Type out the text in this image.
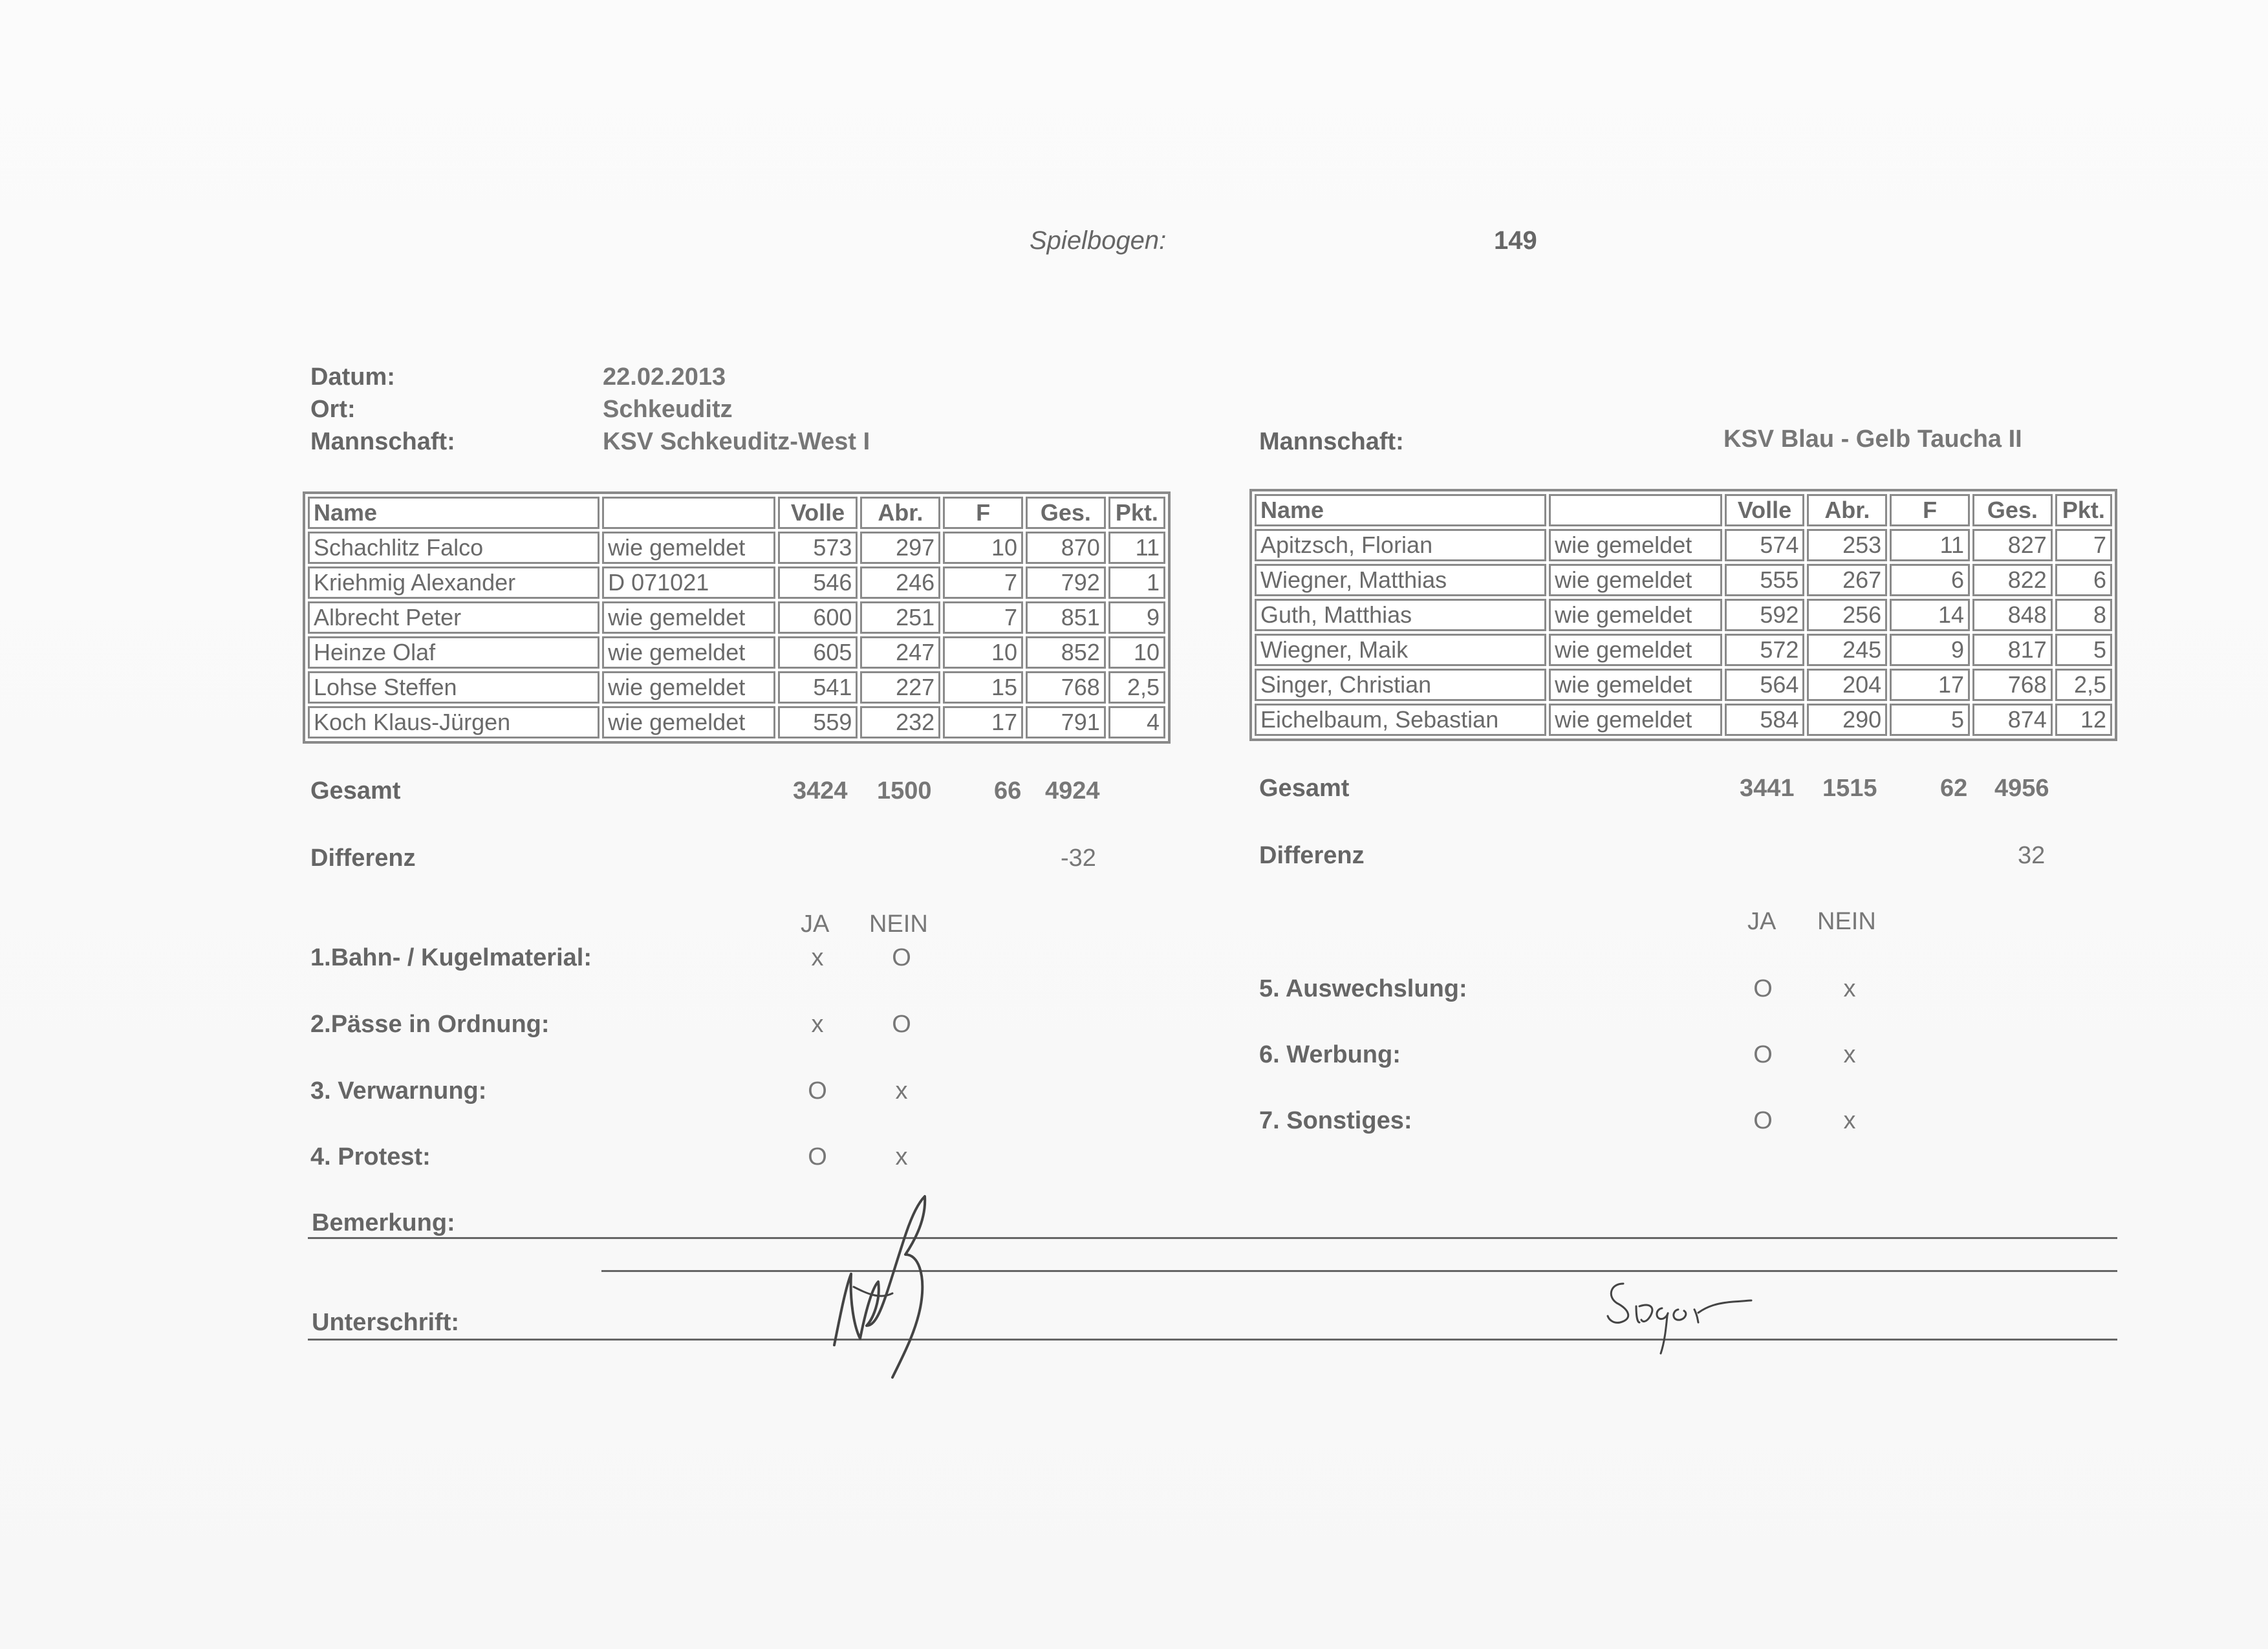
Spielbogen:	149
Datum:	22.02.2013
Ort:	Schkeuditz
Mannschaft:	KSV Schkeuditz-West I	Mannschaft:	KSV Blau - Gelb Taucha II
Name		Volle	Abr.	F	Ges.	Pkt.
Schachlitz Falco	wie gemeldet	573	297	10	870	11
Kriehmig Alexander	D 071021	546	246	7	792	1
Albrecht Peter	wie gemeldet	600	251	7	851	9
Heinze Olaf	wie gemeldet	605	247	10	852	10
Lohse Steffen	wie gemeldet	541	227	15	768	2,5
Koch Klaus-Jürgen	wie gemeldet	559	232	17	791	4
Name		Volle	Abr.	F	Ges.	Pkt.
Apitzsch, Florian	wie gemeldet	574	253	11	827	7
Wiegner, Matthias	wie gemeldet	555	267	6	822	6
Guth, Matthias	wie gemeldet	592	256	14	848	8
Wiegner, Maik	wie gemeldet	572	245	9	817	5
Singer, Christian	wie gemeldet	564	204	17	768	2,5
Eichelbaum, Sebastian	wie gemeldet	584	290	5	874	12
Gesamt	3424 1500	66 4924
Differenz	-32
Gesamt	3441 1515	62 4956
Differenz	32
JA NEIN	JA NEIN
1.Bahn- / Kugelmaterial:	x	O
2.Pässe in Ordnung:	x	O
3. Verwarnung:	O	x
4. Protest:	O	x
5. Auswechslung:	O	x
6. Werbung:	O	x
7. Sonstiges:	O	x
Bemerkung:
Unterschrift:
